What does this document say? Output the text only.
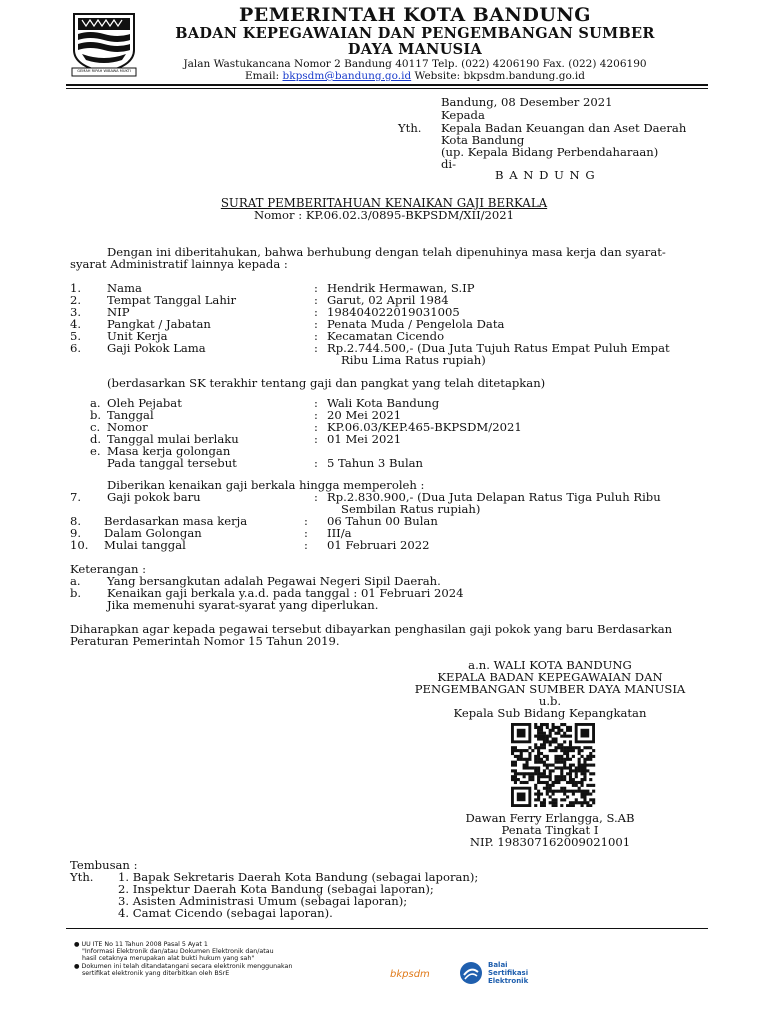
GEMAH RIPAH WIBAWA MUKTI
PEMERINTAH KOTA BANDUNG
BADAN KEPEGAWAIAN DAN PENGEMBANGAN SUMBER
DAYA MANUSIA
Jalan Wastukancana Nomor 2 Bandung 40117 Telp. (022) 4206190 Fax. (022) 4206190
Email: bkpsdm@bandung.go.id Website: bkpsdm.bandung.go.id
Bandung, 08 Desember 2021
Kepada
Yth. Kepala Badan Keuangan dan Aset Daerah
Kota Bandung
(up. Kepala Bidang Perbendaharaan)
di-
B A N D U N G
SURAT PEMBERITAHUAN KENAIKAN GAJI BERKALA
Nomor : KP.06.02.3/0895-BKPSDM/XII/2021
Dengan ini diberitahukan, bahwa berhubung dengan telah dipenuhinya masa kerja dan syarat-
syarat Administratif lainnya kepada :
1. Nama	: Hendrik Hermawan, S.IP
2. Tempat Tanggal Lahir	: Garut, 02 April 1984
3. NIP	: 198404022019031005
4. Pangkat / Jabatan	: Penata Muda / Pengelola Data
5. Unit Kerja	: Kecamatan Cicendo
6. Gaji Pokok Lama	: Rp.2.744.500,- (Dua Juta Tujuh Ratus Empat Puluh Empat
Ribu Lima Ratus rupiah)
(berdasarkan SK terakhir tentang gaji dan pangkat yang telah ditetapkan)
a. Oleh Pejabat	: Wali Kota Bandung
b. Tanggal	: 20 Mei 2021
c. Nomor	: KP.06.03/KEP.465-BKPSDM/2021
d. Tanggal mulai berlaku	: 01 Mei 2021
e. Masa kerja golongan
Pada tanggal tersebut	: 5 Tahun 3 Bulan
Diberikan kenaikan gaji berkala hingga memperoleh :
7. Gaji pokok baru	: Rp.2.830.900,- (Dua Juta Delapan Ratus Tiga Puluh Ribu
Sembilan Ratus rupiah)
8. Berdasarkan masa kerja	: 06 Tahun 00 Bulan
9. Dalam Golongan	: III/a
10. Mulai tanggal	: 01 Februari 2022
Keterangan :
a. Yang bersangkutan adalah Pegawai Negeri Sipil Daerah.
b. Kenaikan gaji berkala y.a.d. pada tanggal : 01 Februari 2024
Jika memenuhi syarat-syarat yang diperlukan.
Diharapkan agar kepada pegawai tersebut dibayarkan penghasilan gaji pokok yang baru Berdasarkan
Peraturan Pemerintah Nomor 15 Tahun 2019.
a.n. WALI KOTA BANDUNG
KEPALA BADAN KEPEGAWAIAN DAN
PENGEMBANGAN SUMBER DAYA MANUSIA
u.b.
Kepala Sub Bidang Kepangkatan
Dawan Ferry Erlangga, S.AB
Penata Tingkat I
NIP. 198307162009021001
Tembusan :
Yth. 1. Bapak Sekretaris Daerah Kota Bandung (sebagai laporan);
2. Inspektur Daerah Kota Bandung (sebagai laporan);
3. Asisten Administrasi Umum (sebagai laporan);
4. Camat Cicendo (sebagai laporan).
● UU ITE No 11 Tahun 2008 Pasal 5 Ayat 1
"Informasi Elektronik dan/atau Dokumen Elektronik dan/atau
hasil cetaknya merupakan alat bukti hukum yang sah"
● Dokumen ini telah ditandatangani secara elektronik menggunakan
sertifikat elektronik yang diterbitkan oleh BSrE	bkpsdm
Balai
Sertifikasi
Elektronik
